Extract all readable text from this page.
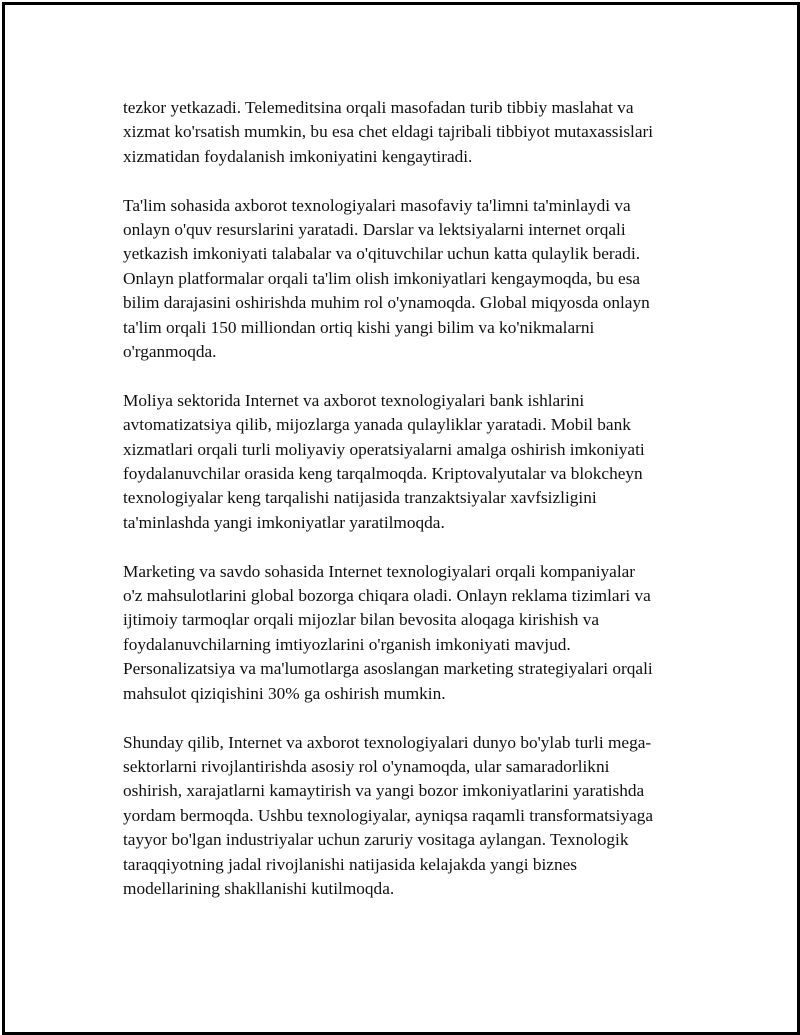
tezkor yetkazadi. Telemeditsina orqali masofadan turib tibbiy maslahat va
xizmat ko'rsatish mumkin, bu esa chet eldagi tajribali tibbiyot mutaxassislari
xizmatidan foydalanish imkoniyatini kengaytiradi.

Ta'lim sohasida axborot texnologiyalari masofaviy ta'limni ta'minlaydi va
onlayn o'quv resurslarini yaratadi. Darslar va lektsiyalarni internet orqali
yetkazish imkoniyati talabalar va o'qituvchilar uchun katta qulaylik beradi.
Onlayn platformalar orqali ta'lim olish imkoniyatlari kengaymoqda, bu esa
bilim darajasini oshirishda muhim rol o'ynamoqda. Global miqyosda onlayn
ta'lim orqali 150 milliondan ortiq kishi yangi bilim va ko'nikmalarni
o'rganmoqda.

Moliya sektorida Internet va axborot texnologiyalari bank ishlarini
avtomatizatsiya qilib, mijozlarga yanada qulayliklar yaratadi. Mobil bank
xizmatlari orqali turli moliyaviy operatsiyalarni amalga oshirish imkoniyati
foydalanuvchilar orasida keng tarqalmoqda. Kriptovalyutalar va blokcheyn
texnologiyalar keng tarqalishi natijasida tranzaktsiyalar xavfsizligini
ta'minlashda yangi imkoniyatlar yaratilmoqda.

Marketing va savdo sohasida Internet texnologiyalari orqali kompaniyalar
o'z mahsulotlarini global bozorga chiqara oladi. Onlayn reklama tizimlari va
ijtimoiy tarmoqlar orqali mijozlar bilan bevosita aloqaga kirishish va
foydalanuvchilarning imtiyozlarini o'rganish imkoniyati mavjud.
Personalizatsiya va ma'lumotlarga asoslangan marketing strategiyalari orqali
mahsulot qiziqishini 30% ga oshirish mumkin.

Shunday qilib, Internet va axborot texnologiyalari dunyo bo'ylab turli mega-
sektorlarni rivojlantirishda asosiy rol o'ynamoqda, ular samaradorlikni
oshirish, xarajatlarni kamaytirish va yangi bozor imkoniyatlarini yaratishda
yordam bermoqda. Ushbu texnologiyalar, ayniqsa raqamli transformatsiyaga
tayyor bo'lgan industriyalar uchun zaruriy vositaga aylangan. Texnologik
taraqqiyotning jadal rivojlanishi natijasida kelajakda yangi biznes
modellarining shakllanishi kutilmoqda.
